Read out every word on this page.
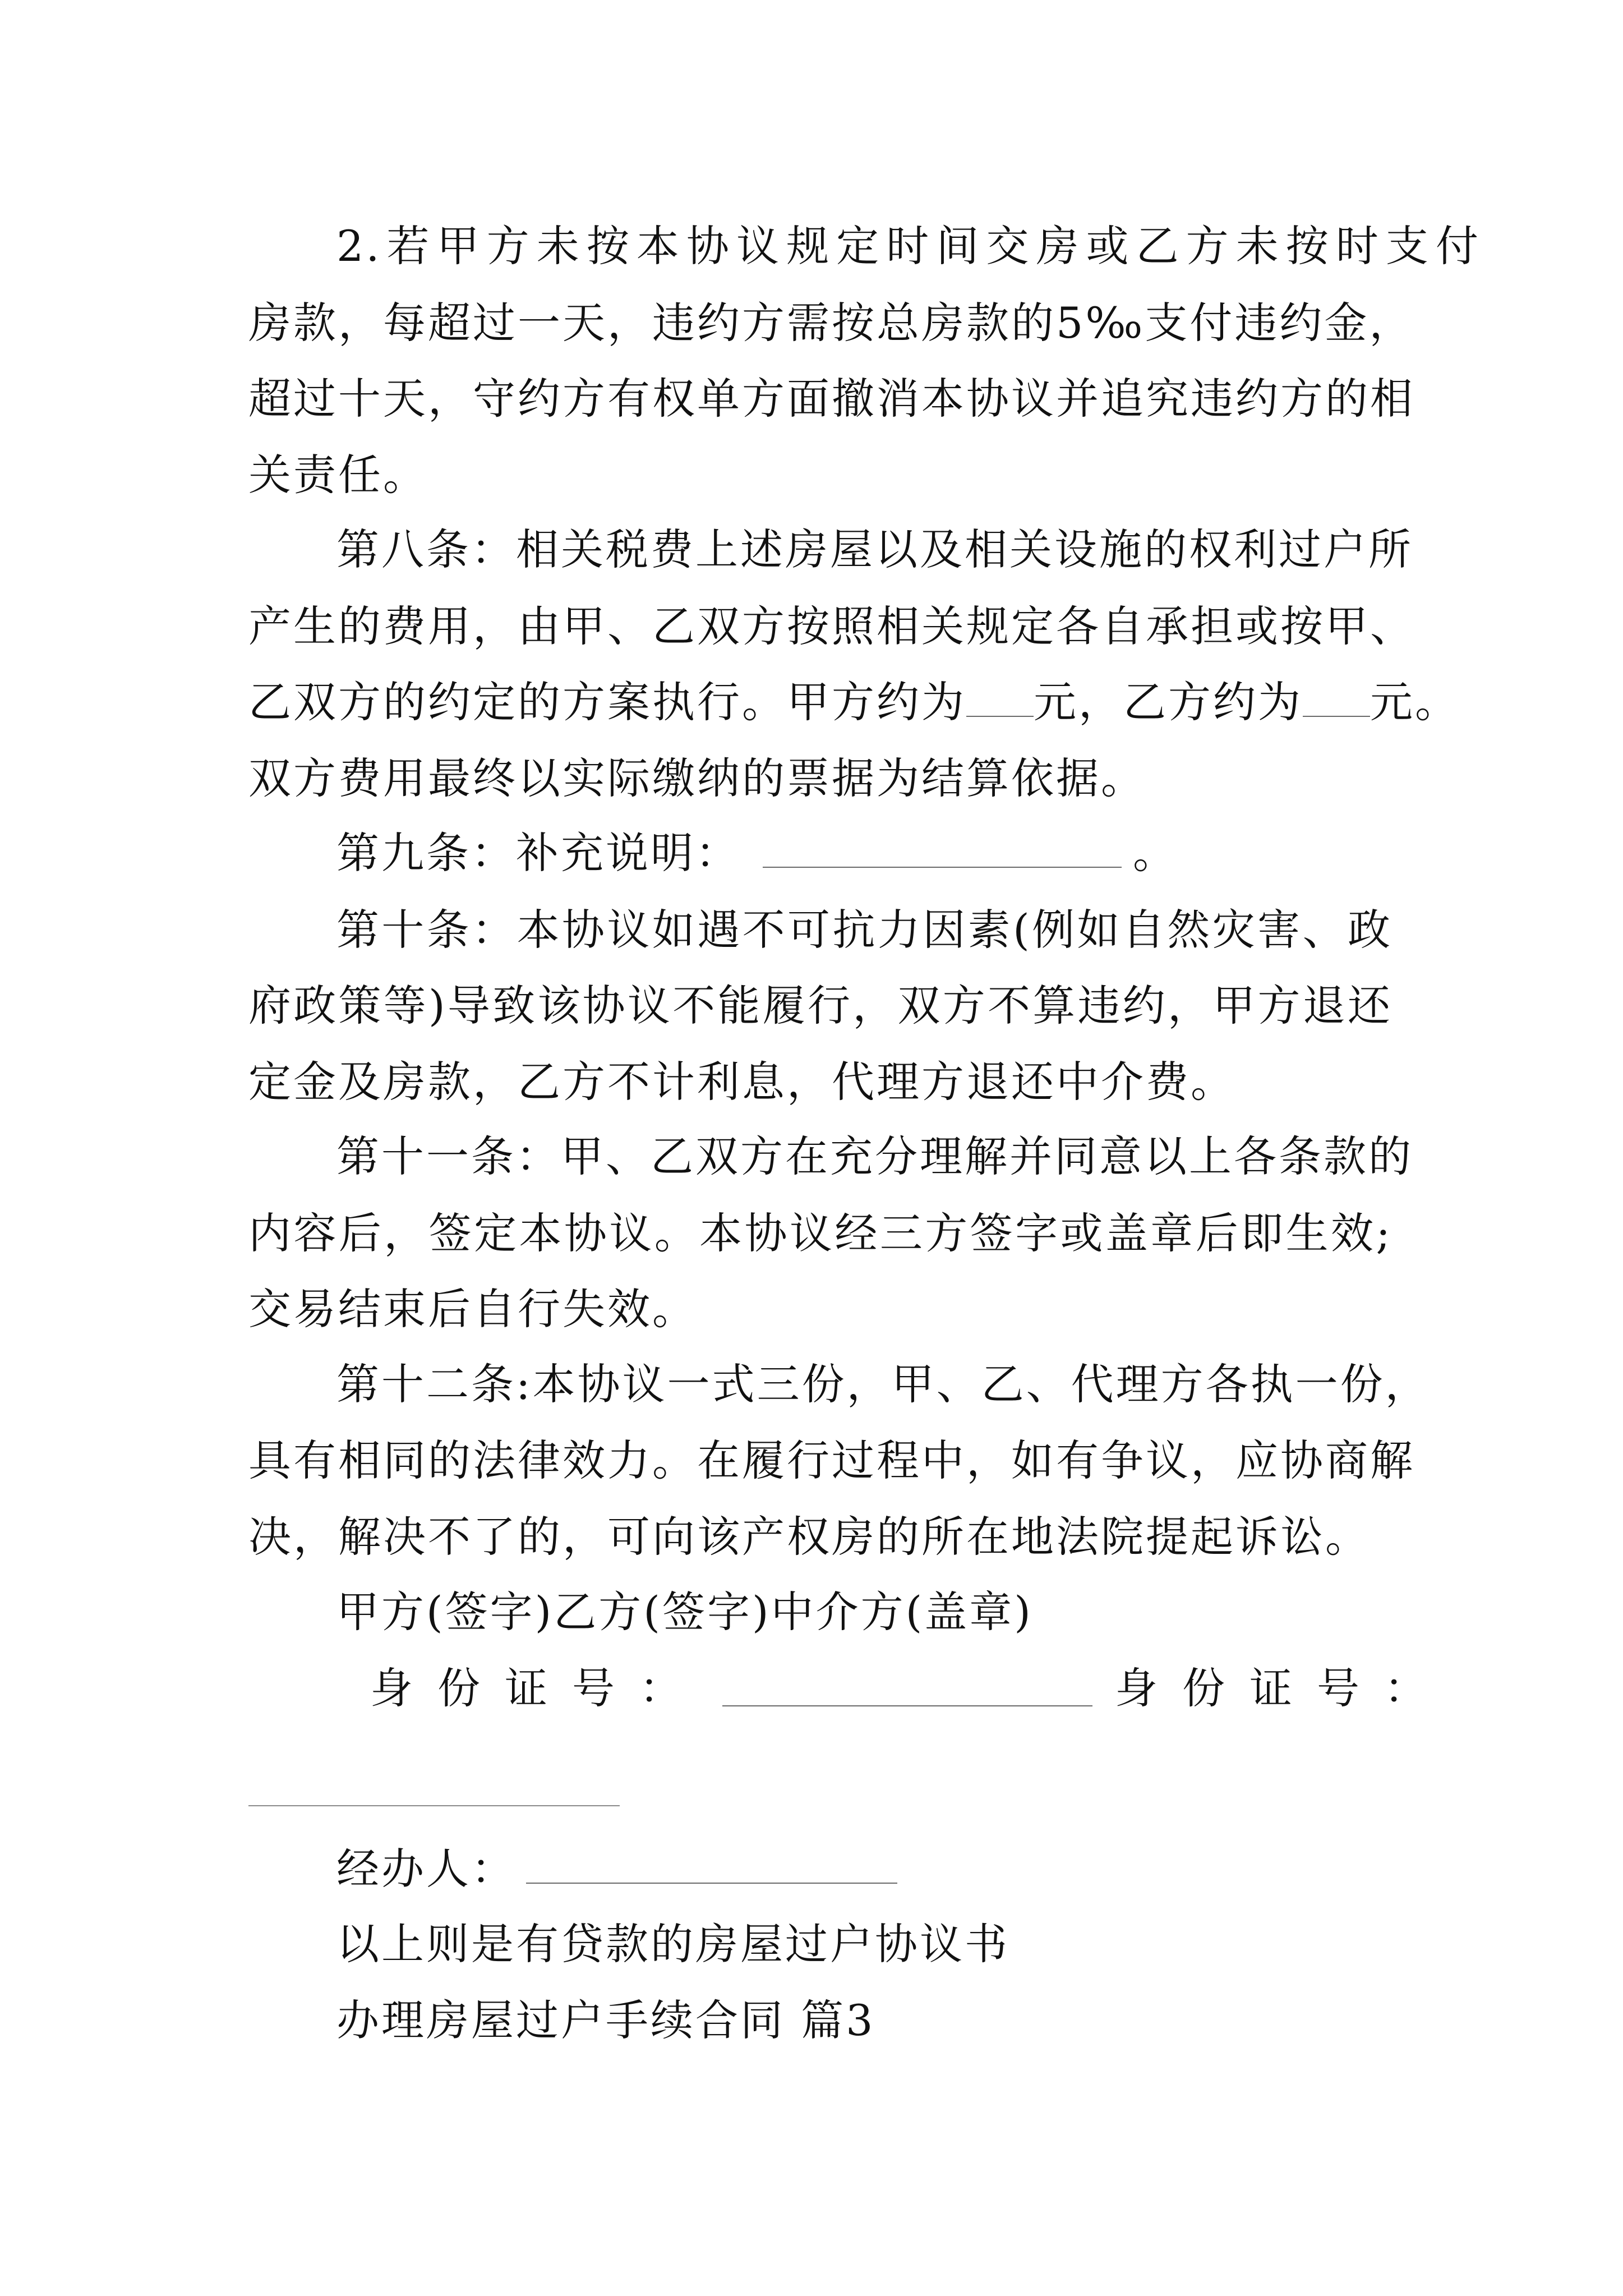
2.若甲方未按本协议规定时间交房或乙方未按时支付
房款，每超过一天，违约方需按总房款的5‰支付违约金，
超过十天，守约方有权单方面撤消本协议并追究违约方的相
关责任。
第八条：相关税费上述房屋以及相关设施的权利过户所
产生的费用，由甲、乙双方按照相关规定各自承担或按甲、
乙双方的约定的方案执行。甲方约为 元，乙方约为 元。
双方费用最终以实际缴纳的票据为结算依据。
第九条：补充说明：	。
第十条：本协议如遇不可抗力因素(例如自然灾害、政
府政策等)导致该协议不能履行，双方不算违约，甲方退还
定金及房款，乙方不计利息，代理方退还中介费。
第十一条：甲、乙双方在充分理解并同意以上各条款的
内容后，签定本协议。本协议经三方签字或盖章后即生效;
交易结束后自行失效。
第十二条:本协议一式三份，甲、乙、代理方各执一份，
具有相同的法律效力。在履行过程中，如有争议，应协商解
决，解决不了的，可向该产权房的所在地法院提起诉讼。
甲方(签字)乙方(签字)中介方(盖章)
身份证号：	身份证号：
经办人：
以上则是有贷款的房屋过户协议书
办理房屋过户手续合同 篇3
